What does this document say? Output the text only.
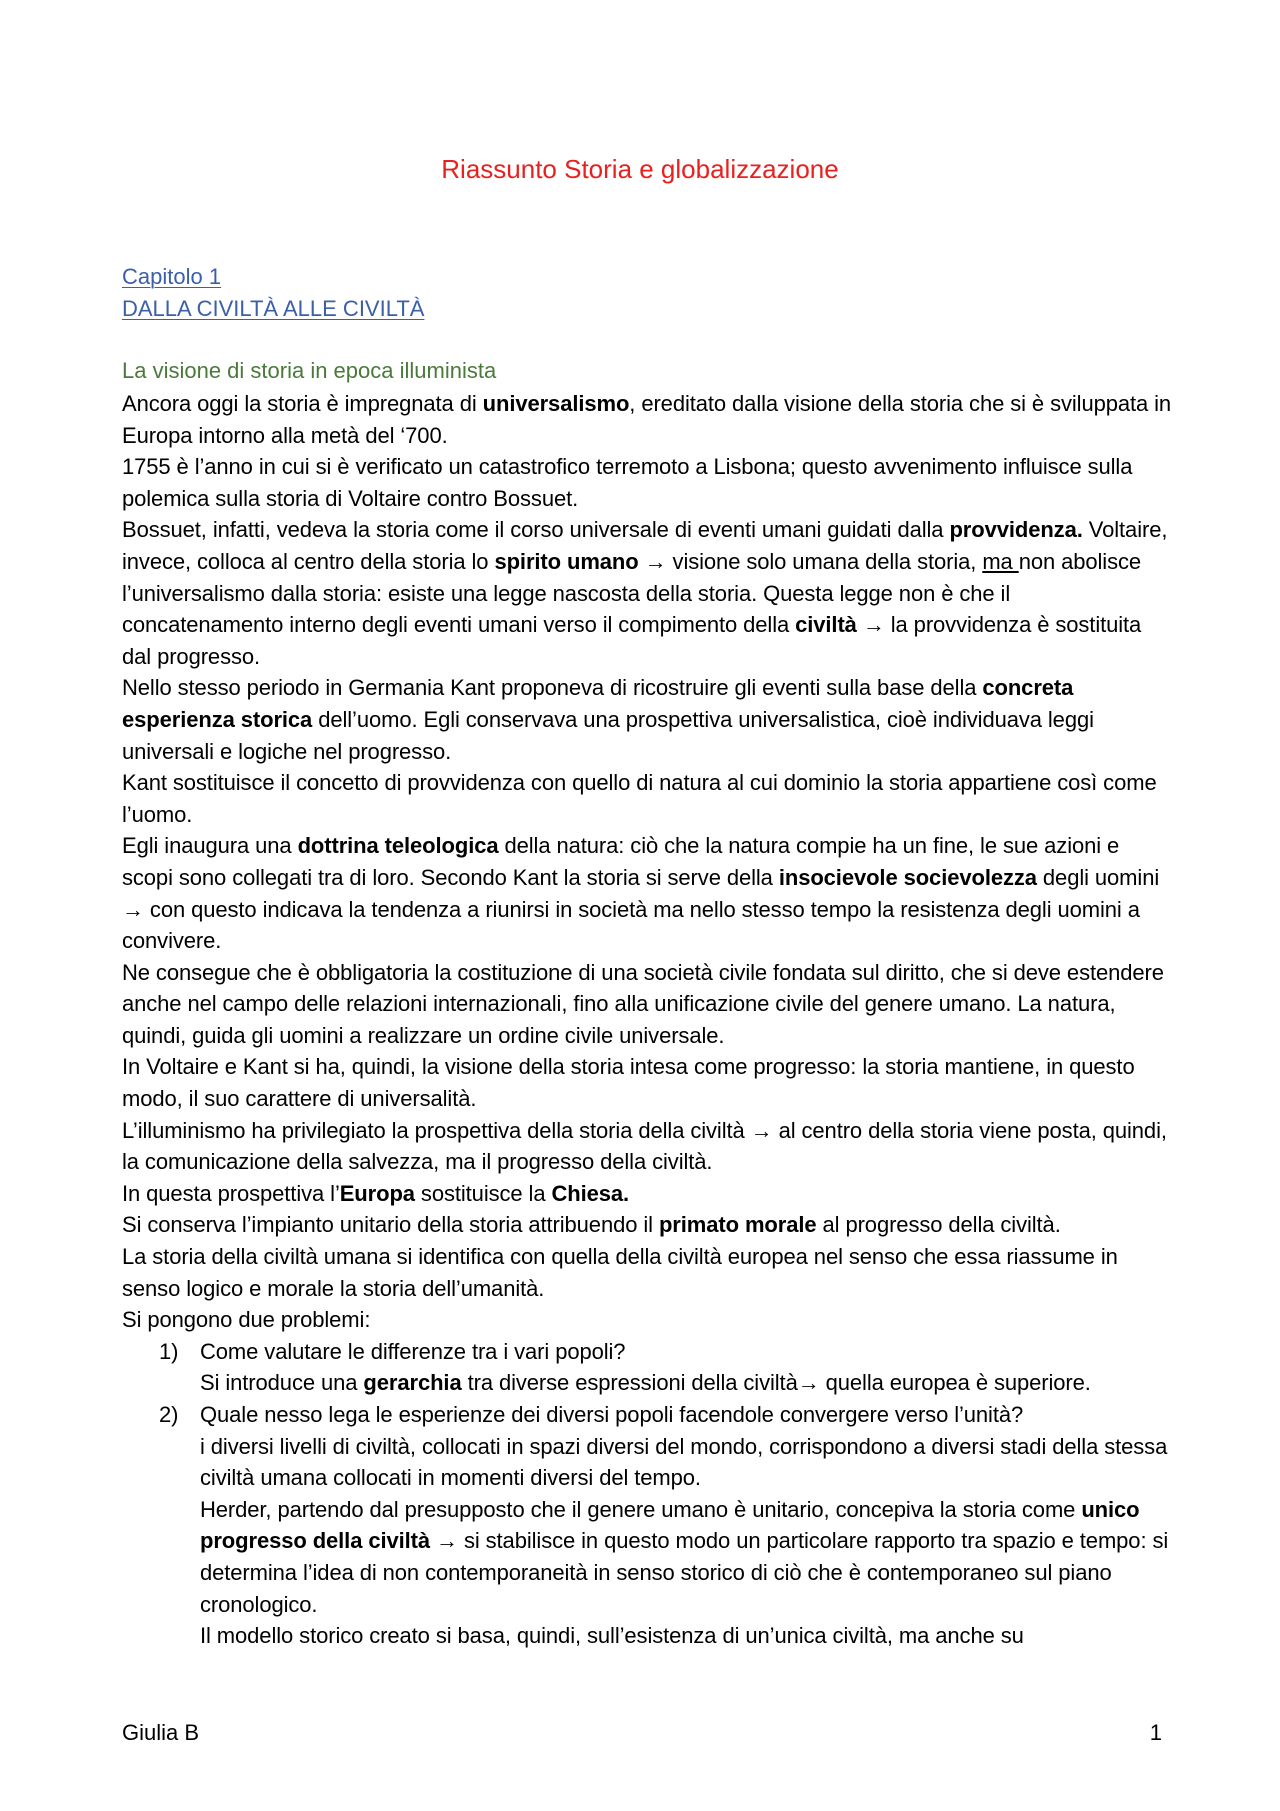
Riassunto Storia e globalizzazione
Capitolo 1
DALLA CIVILTÀ ALLE CIVILTÀ
La visione di storia in epoca illuminista

Ancora oggi la storia è impregnata di universalismo, ereditato dalla visione della storia che si è sviluppata in Europa intorno alla metà del ‘700.

1755 è l’anno in cui si è verificato un catastrofico terremoto a Lisbona; questo avvenimento influisce sulla polemica sulla storia di Voltaire contro Bossuet.

Bossuet, infatti, vedeva la storia come il corso universale di eventi umani guidati dalla provvidenza. Voltaire, invece, colloca al centro della storia lo spirito umano → visione solo umana della storia, ma non abolisce l’universalismo dalla storia: esiste una legge nascosta della storia. Questa legge non è che il concatenamento interno degli eventi umani verso il compimento della civiltà → la provvidenza è sostituita dal progresso.

Nello stesso periodo in Germania Kant proponeva di ricostruire gli eventi sulla base della concreta esperienza storica dell’uomo. Egli conservava una prospettiva universalistica, cioè individuava leggi universali e logiche nel progresso.

Kant sostituisce il concetto di provvidenza con quello di natura al cui dominio la storia appartiene così come l’uomo.

Egli inaugura una dottrina teleologica della natura: ciò che la natura compie ha un fine, le sue azioni e scopi sono collegati tra di loro. Secondo Kant la storia si serve della insocievole socievolezza degli uomini → con questo indicava la tendenza a riunirsi in società ma nello stesso tempo la resistenza degli uomini a convivere.

Ne consegue che è obbligatoria la costituzione di una società civile fondata sul diritto, che si deve estendere anche nel campo delle relazioni internazionali, fino alla unificazione civile del genere umano. La natura, quindi, guida gli uomini a realizzare un ordine civile universale.

In Voltaire e Kant si ha, quindi, la visione della storia intesa come progresso: la storia mantiene, in questo modo, il suo carattere di universalità.

L’illuminismo ha privilegiato la prospettiva della storia della civiltà → al centro della storia viene posta, quindi, la comunicazione della salvezza, ma il progresso della civiltà.

In questa prospettiva l’Europa sostituisce la Chiesa.

Si conserva l’impianto unitario della storia attribuendo il primato morale al progresso della civiltà.

La storia della civiltà umana si identifica con quella della civiltà europea nel senso che essa riassume in senso logico e morale la storia dell’umanità.

Si pongono due problemi:

1) Come valutare le differenze tra i vari popoli?
Si introduce una gerarchia tra diverse espressioni della civiltà→ quella europea è superiore.
2) Quale nesso lega le esperienze dei diversi popoli facendole convergere verso l’unità?
i diversi livelli di civiltà, collocati in spazi diversi del mondo, corrispondono a diversi stadi della stessa civiltà umana collocati in momenti diversi del tempo.
Herder, partendo dal presupposto che il genere umano è unitario, concepiva la storia come unico progresso della civiltà → si stabilisce in questo modo un particolare rapporto tra spazio e tempo: si determina l’idea di non contemporaneità in senso storico di ciò che è contemporaneo sul piano cronologico.
Il modello storico creato si basa, quindi, sull’esistenza di un’unica civiltà, ma anche su
Giulia B	1
